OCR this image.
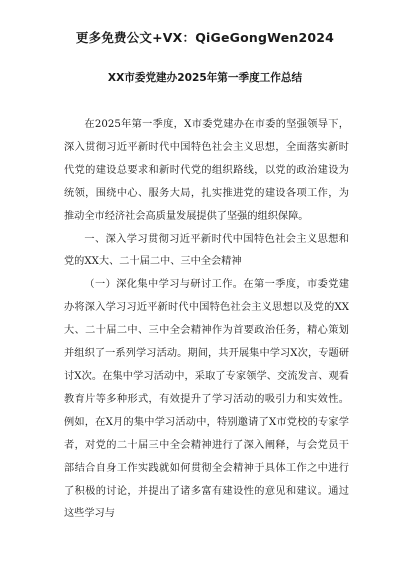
更多免费公文+VX：QiGeGongWen2024
XX市委党建办2025年第一季度工作总结

在2025年第一季度，X市委党建办在市委的坚强领导下，深入贯彻习近平新时代中国特色社会主义思想，全面落实新时代党的建设总要求和新时代党的组织路线，以党的政治建设为统领，围绕中心、服务大局，扎实推进党的建设各项工作，为推动全市经济社会高质量发展提供了坚强的组织保障。

一、深入学习贯彻习近平新时代中国特色社会主义思想和党的XX大、二十届二中、三中全会精神

（一）深化集中学习与研讨工作。在第一季度，市委党建办将深入学习习近平新时代中国特色社会主义思想以及党的XX大、二十届二中、三中全会精神作为首要政治任务，精心策划并组织了一系列学习活动。期间，共开展集中学习X次，专题研讨X次。在集中学习活动中，采取了专家领学、交流发言、观看教育片等多种形式，有效提升了学习活动的吸引力和实效性。例如，在X月的集中学习活动中，特别邀请了X市党校的专家学者，对党的二十届三中全会精神进行了深入阐释，与会党员干部结合自身工作实践就如何贯彻全会精神于具体工作之中进行了积极的讨论，并提出了诸多富有建设性的意见和建议。通过这些学习与
